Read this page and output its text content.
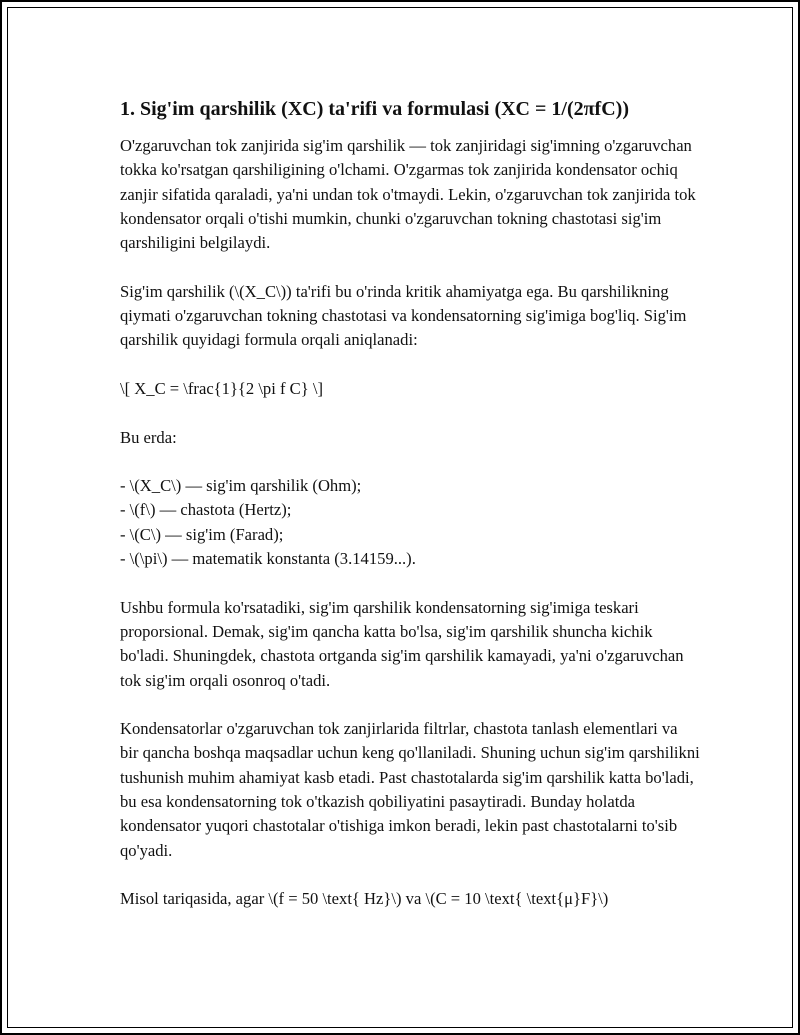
1. Sig'im qarshilik (XC) ta'rifi va formulasi (XC = 1/(2πfC))

O'zgaruvchan tok zanjirida sig'im qarshilik — tok zanjiridagi sig'imning o'zgaruvchan tokka ko'rsatgan qarshiligining o'lchami. O'zgarmas tok zanjirida kondensator ochiq zanjir sifatida qaraladi, ya'ni undan tok o'tmaydi. Lekin, o'zgaruvchan tok zanjirida tok kondensator orqali o'tishi mumkin, chunki o'zgaruvchan tokning chastotasi sig'im qarshiligini belgilaydi.

Sig'im qarshilik (\(X_C\)) ta'rifi bu o'rinda kritik ahamiyatga ega. Bu qarshilikning qiymati o'zgaruvchan tokning chastotasi va kondensatorning sig'imiga bog'liq. Sig'im qarshilik quyidagi formula orqali aniqlanadi:

\[ X_C = \frac{1}{2 \pi f C} \]

Bu erda:

- \(X_C\) — sig'im qarshilik (Ohm);
- \(f\) — chastota (Hertz);
- \(C\) — sig'im (Farad);
- \(\pi\) — matematik konstanta (3.14159...).

Ushbu formula ko'rsatadiki, sig'im qarshilik kondensatorning sig'imiga teskari proporsional. Demak, sig'im qancha katta bo'lsa, sig'im qarshilik shuncha kichik bo'ladi. Shuningdek, chastota ortganda sig'im qarshilik kamayadi, ya'ni o'zgaruvchan tok sig'im orqali osonroq o'tadi.

Kondensatorlar o'zgaruvchan tok zanjirlarida filtrlar, chastota tanlash elementlari va bir qancha boshqa maqsadlar uchun keng qo'llaniladi. Shuning uchun sig'im qarshilikni tushunish muhim ahamiyat kasb etadi. Past chastotalarda sig'im qarshilik katta bo'ladi, bu esa kondensatorning tok o'tkazish qobiliyatini pasaytiradi. Bunday holatda kondensator yuqori chastotalar o'tishiga imkon beradi, lekin past chastotalarni to'sib qo'yadi.

Misol tariqasida, agar \(f = 50 \text{ Hz}\) va \(C = 10 \text{ \text{μ}F}\)
